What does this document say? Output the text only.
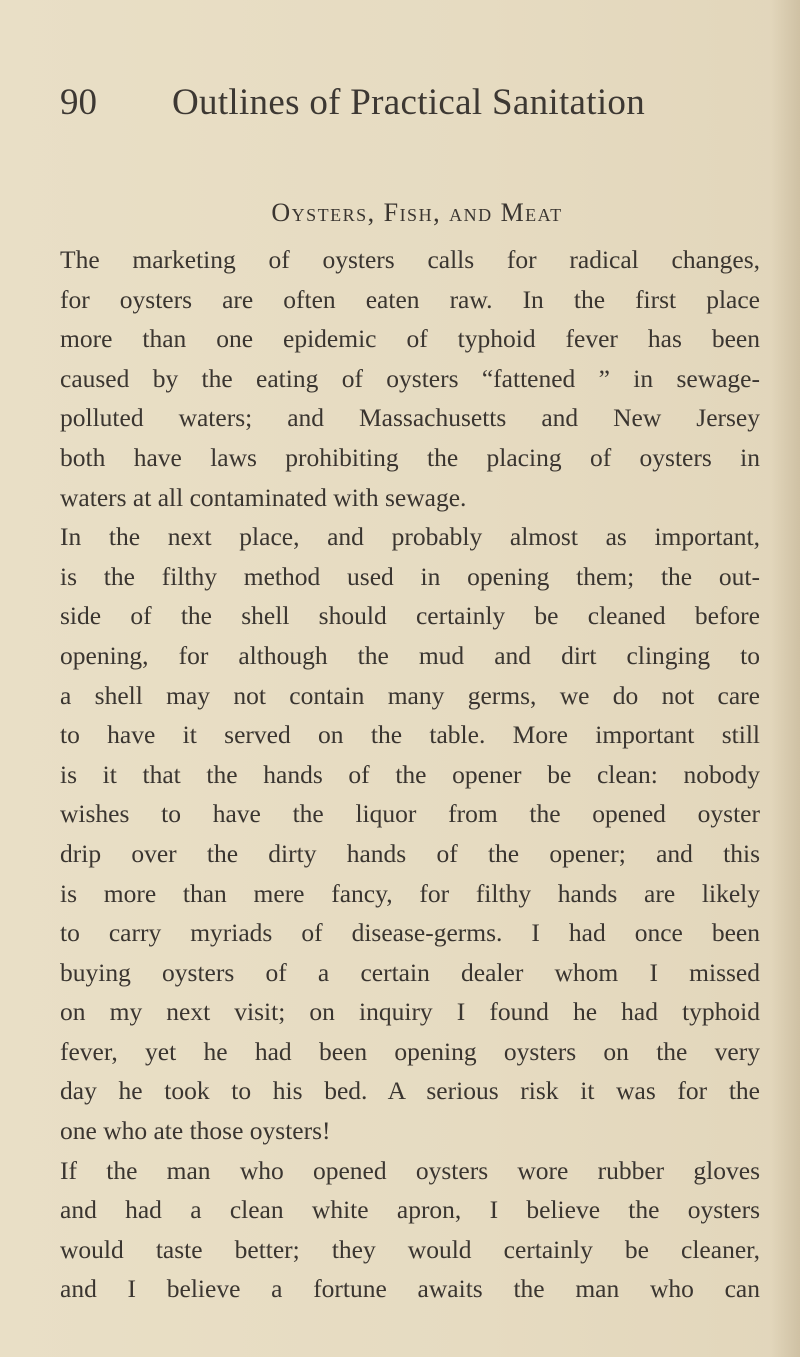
90 Outlines of Practical Sanitation
Oysters, Fish, and Meat
The marketing of oysters calls for radical changes,
for oysters are often eaten raw. In the first place
more than one epidemic of typhoid fever has been
caused by the eating of oysters “fattened ” in sewage-
polluted waters; and Massachusetts and New Jersey
both have laws prohibiting the placing of oysters in
waters at all contaminated with sewage.
In the next place, and probably almost as important,
is the filthy method used in opening them; the out-
side of the shell should certainly be cleaned before
opening, for although the mud and dirt clinging to
a shell may not contain many germs, we do not care
to have it served on the table. More important still
is it that the hands of the opener be clean: nobody
wishes to have the liquor from the opened oyster
drip over the dirty hands of the opener; and this
is more than mere fancy, for filthy hands are likely
to carry myriads of disease-germs. I had once been
buying oysters of a certain dealer whom I missed
on my next visit; on inquiry I found he had typhoid
fever, yet he had been opening oysters on the very
day he took to his bed. A serious risk it was for the
one who ate those oysters!
If the man who opened oysters wore rubber gloves
and had a clean white apron, I believe the oysters
would taste better; they would certainly be cleaner,
and I believe a fortune awaits the man who can
